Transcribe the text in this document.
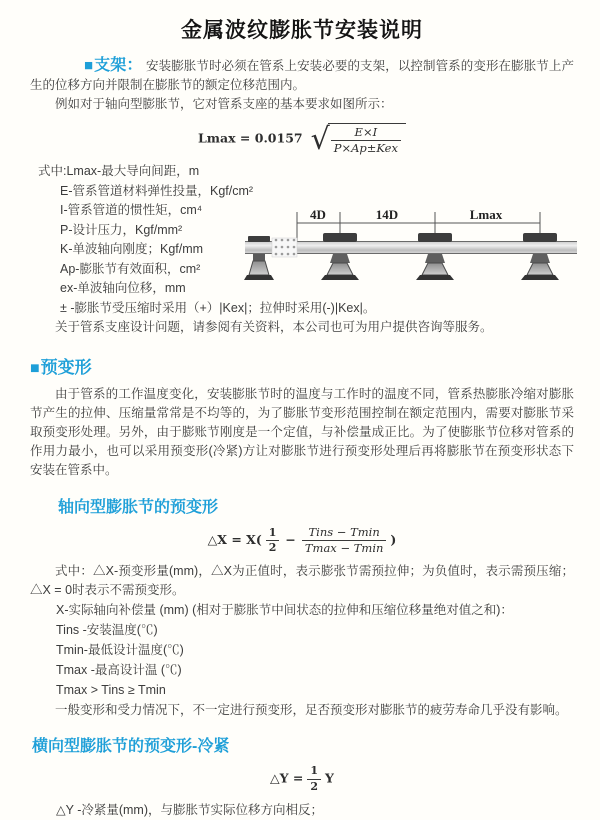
金属波纹膨胀节安装说明

■支架： 安装膨胀节时必须在管系上安装必要的支架，以控制管系的变形在膨胀节上产生的位移方向并限制在膨胀节的额定位移范围内。

例如对于轴向型膨胀节，它对管系支座的基本要求如图所示：

Lmax = 0.0157 √ $\frac{E\times I}{\text{P×Ap±Kex}}$
式中:Lmax-最大导向间距，m
E-管系管道材料弹性投量，Kgf/cm²
I-管系管道的惯性矩，cm⁴
P-设计压力，Kgf/mm²
K-单波轴向刚度；Kgf/mm
Ap-膨胀节有效面积，cm²
ex-单波轴向位移，mm
± -膨胀节受压缩时采用（+）|Kex|；拉伸时采用(-)|Kex|。
关于管系支座设计问题，请参阅有关资料，本公司也可为用户提供咨询等服务。
■预变形

由于管系的工作温度变化，安装膨胀节时的温度与工作时的温度不同，管系热膨胀冷缩对膨胀节产生的拉伸、压缩量常常是不均等的，为了膨胀节变形范围控制在额定范围内，需要对膨胀节采取预变形处理。另外，由于膨账节刚度是一个定值，与补偿量成正比。为了使膨胀节位移对管系的作用力最小，也可以采用预变形(冷紧)方让对膨胀节进行预变形处理后再将膨胀节在预变形状态下安装在管系中。

轴向型膨胀节的预变形
△X = $X( \frac{1}{2} - \frac{\text{Tins − Tmin}}{Tmax - Tmin}$ )

式中：△X-预变形量(mm)，△X为正值时，表示膨张节需预拉伸；为负值时，表示需预压缩；△X = 0时表示不需预变形。

X-实际轴向补偿量 (mm) (相对于膨胀节中间状态的拉伸和压缩位移量绝对值之和)：
Tins -安装温度(℃)
Tmin-最低设计温度(℃)
Tmax -最高设计温 (℃)
Tmax > Tins ≥ Tmin
一般变形和受力情况下，不一定进行预变形，足否预变形对膨胀节的疲劳寿命几乎没有影响。
横向型膨胀节的预变形-冷紧
△Y = $\frac{1}{2}$ Y

△Y -冷紧量(mm)，与膨胀节实际位移方向相反；

4D	14D	Lmax
